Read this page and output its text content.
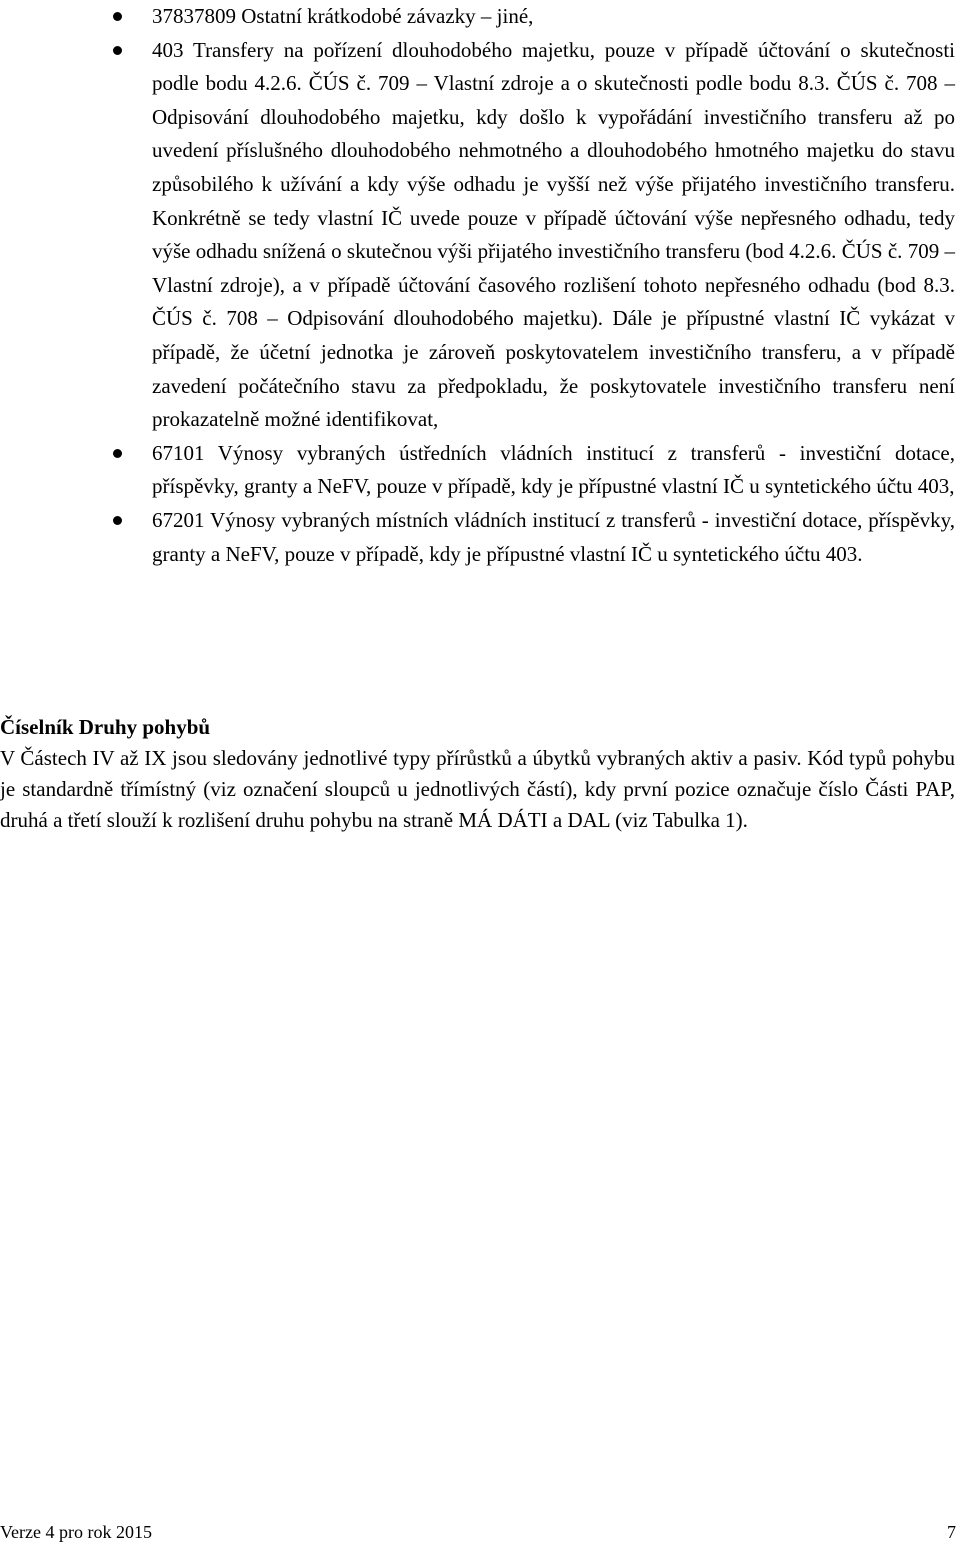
37837809 Ostatní krátkodobé závazky – jiné,
403 Transfery na pořízení dlouhodobého majetku, pouze v případě účtování o skutečnosti podle bodu 4.2.6. ČÚS č. 709 – Vlastní zdroje a o skutečnosti podle bodu 8.3. ČÚS č. 708 – Odpisování dlouhodobého majetku, kdy došlo k vypořádání investičního transferu až po uvedení příslušného dlouhodobého nehmotného a dlouhodobého hmotného majetku do stavu způsobilého k užívání a kdy výše odhadu je vyšší než výše přijatého investičního transferu. Konkrétně se tedy vlastní IČ uvede pouze v případě účtování výše nepřesného odhadu, tedy výše odhadu snížená o skutečnou výši přijatého investičního transferu (bod 4.2.6. ČÚS č. 709 – Vlastní zdroje), a v případě účtování časového rozlišení tohoto nepřesného odhadu (bod 8.3. ČÚS č. 708 – Odpisování dlouhodobého majetku). Dále je přípustné vlastní IČ vykázat v případě, že účetní jednotka je zároveň poskytovatelem investičního transferu, a v případě zavedení počátečního stavu za předpokladu, že poskytovatele investičního transferu není prokazatelně možné identifikovat,
67101 Výnosy vybraných ústředních vládních institucí z transferů - investiční dotace, příspěvky, granty a NeFV, pouze v případě, kdy je přípustné vlastní IČ u syntetického účtu 403,
67201 Výnosy vybraných místních vládních institucí z transferů - investiční dotace, příspěvky, granty a NeFV, pouze v případě, kdy je přípustné vlastní IČ u syntetického účtu 403.

Číselník Druhy pohybů

V Částech IV až IX jsou sledovány jednotlivé typy přírůstků a úbytků vybraných aktiv a pasiv. Kód typů pohybu je standardně třímístný (viz označení sloupců u jednotlivých částí), kdy první pozice označuje číslo Části PAP, druhá a třetí slouží k rozlišení druhu pohybu na straně MÁ DÁTI a DAL (viz Tabulka 1).

Verze 4 pro rok 2015	7
